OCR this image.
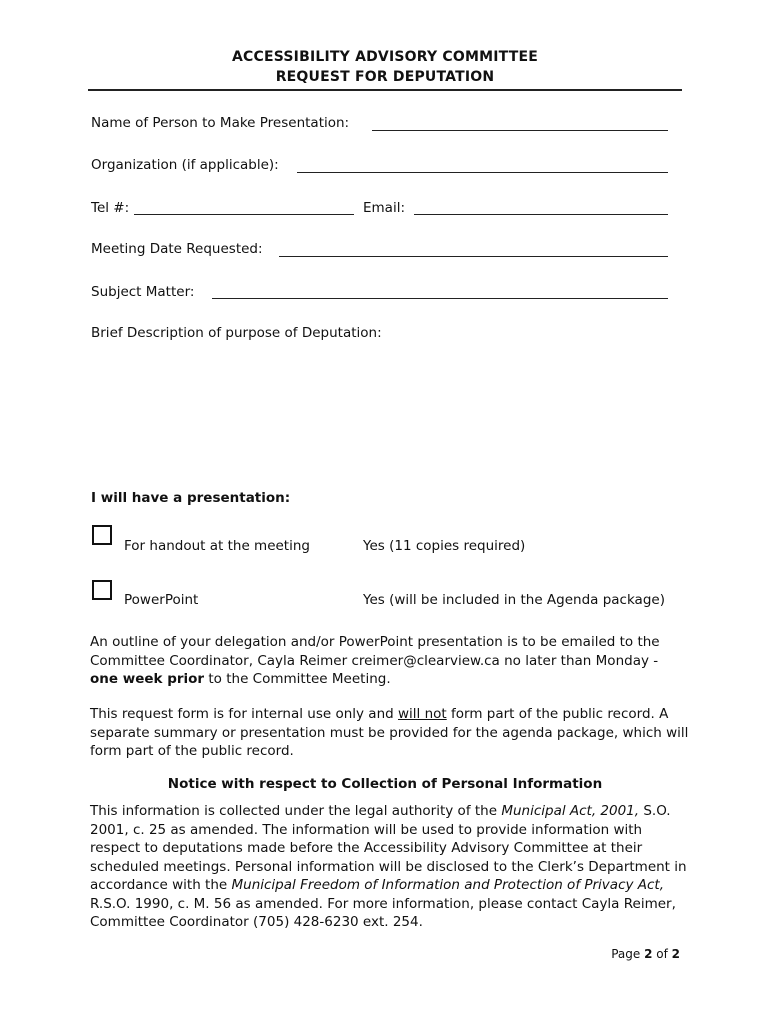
ACCESSIBILITY ADVISORY COMMITTEE
REQUEST FOR DEPUTATION
Name of Person to Make Presentation:
Organization (if applicable):
Tel #:	Email:
Meeting Date Requested:
Subject Matter:
Brief Description of purpose of Deputation:
I will have a presentation:
For handout at the meeting	Yes (11 copies required)
PowerPoint	Yes (will be included in the Agenda package)

An outline of your delegation and/or PowerPoint presentation is to be emailed to the Committee Coordinator, Cayla Reimer creimer@clearview.ca no later than Monday - one week prior to the Committee Meeting.

This request form is for internal use only and will not form part of the public record. A separate summary or presentation must be provided for the agenda package, which will form part of the public record.

Notice with respect to Collection of Personal Information

This information is collected under the legal authority of the Municipal Act, 2001, S.O. 2001, c. 25 as amended. The information will be used to provide information with respect to deputations made before the Accessibility Advisory Committee at their scheduled meetings. Personal information will be disclosed to the Clerk’s Department in accordance with the Municipal Freedom of Information and Protection of Privacy Act, R.S.O. 1990, c. M. 56 as amended. For more information, please contact Cayla Reimer, Committee Coordinator (705) 428-6230 ext. 254.

Page 2 of 2
